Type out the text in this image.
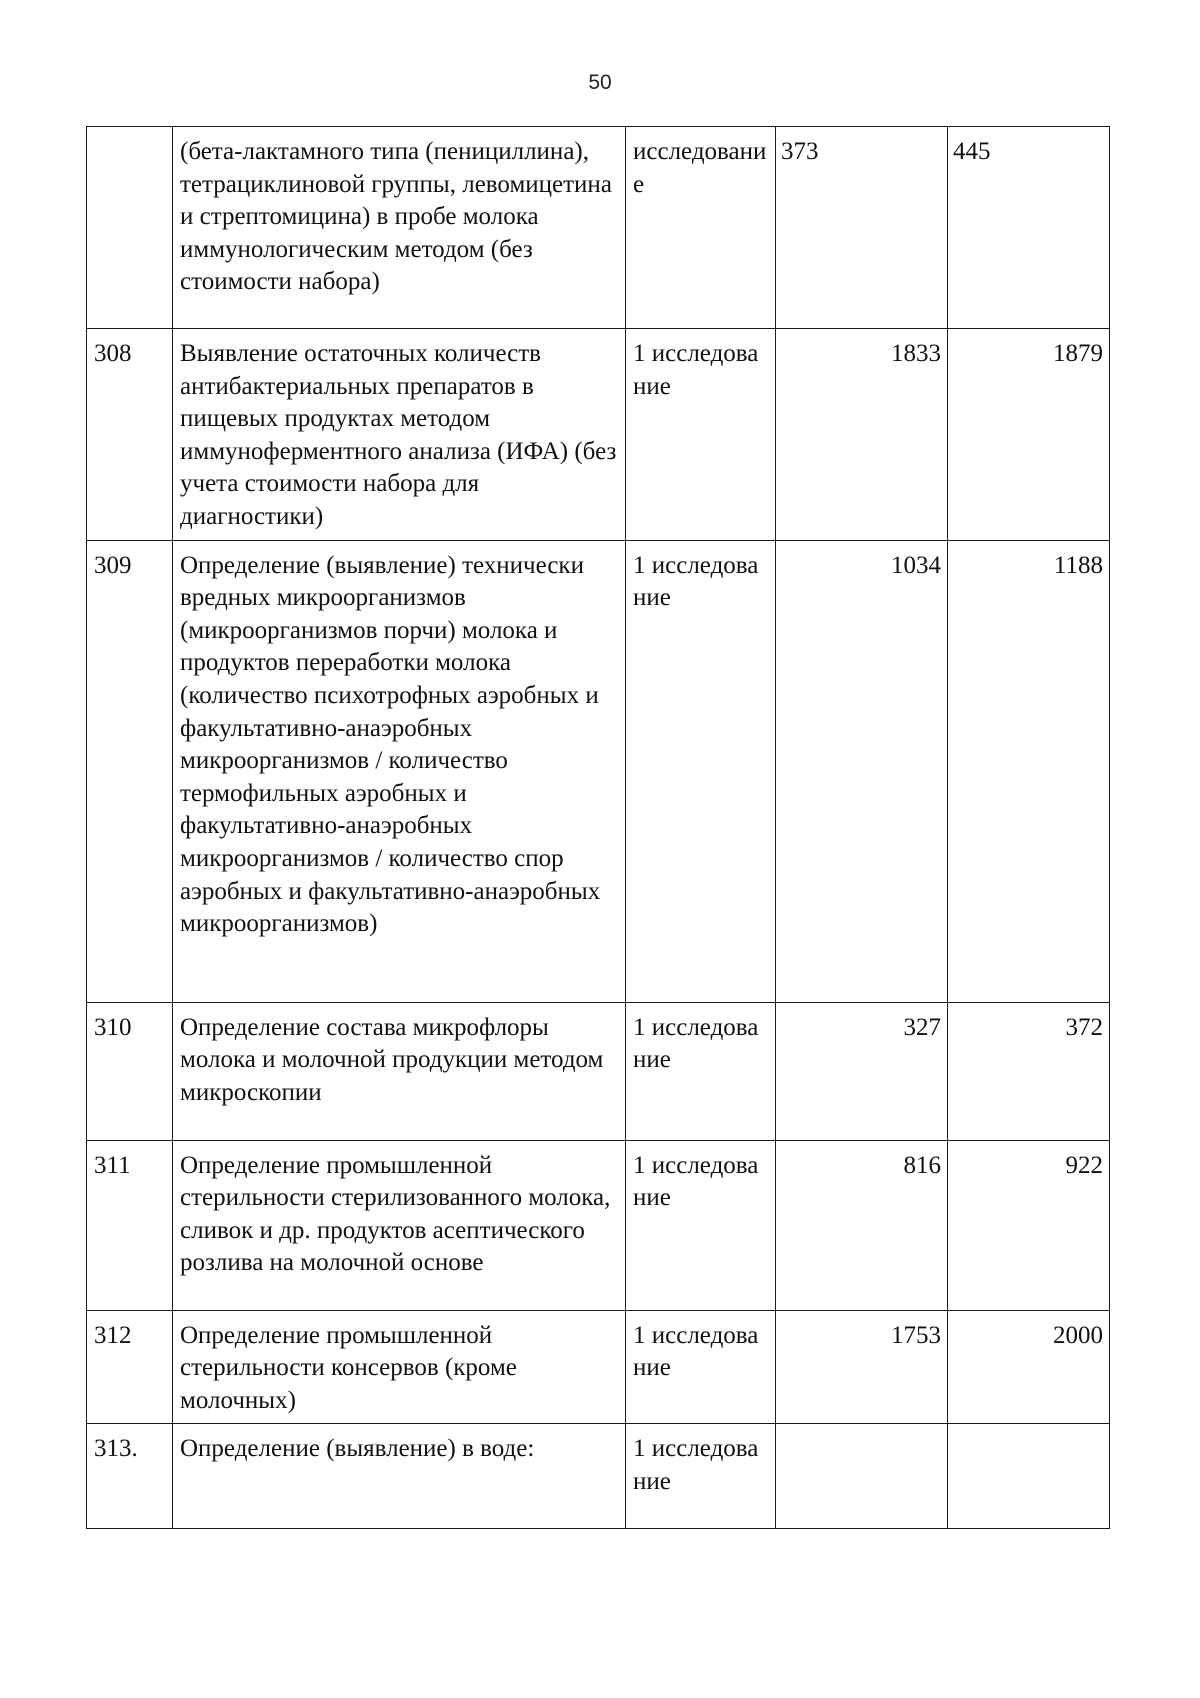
50
	(бета-лактамного типа (пенициллина), тетрациклиновой группы, левомицетина и стрептомицина) в пробе молока иммунологическим методом (без стоимости набора)	исследование	373	445
308	Выявление остаточных количеств антибактериальных препаратов в пищевых продуктах методом иммуноферментного анализа (ИФА) (без учета стоимости набора для диагностики)	1 исследование	1833	1879
309	Определение (выявление) технически вредных микроорганизмов (микроорганизмов порчи) молока и продуктов переработки молока (количество психотрофных аэробных и факультативно-анаэробных микроорганизмов / количество термофильных аэробных и факультативно-анаэробных микроорганизмов / количество спор аэробных и факультативно-анаэробных микроорганизмов)	1 исследование	1034	1188
310	Определение состава микрофлоры молока и молочной продукции методом микроскопии	1 исследование	327	372
311	Определение промышленной стерильности стерилизованного молока, сливок и др. продуктов асептического розлива на молочной основе	1 исследование	816	922
312	Определение промышленной стерильности консервов (кроме молочных)	1 исследование	1753	2000
313.	Определение (выявление) в воде:	1 исследование		
